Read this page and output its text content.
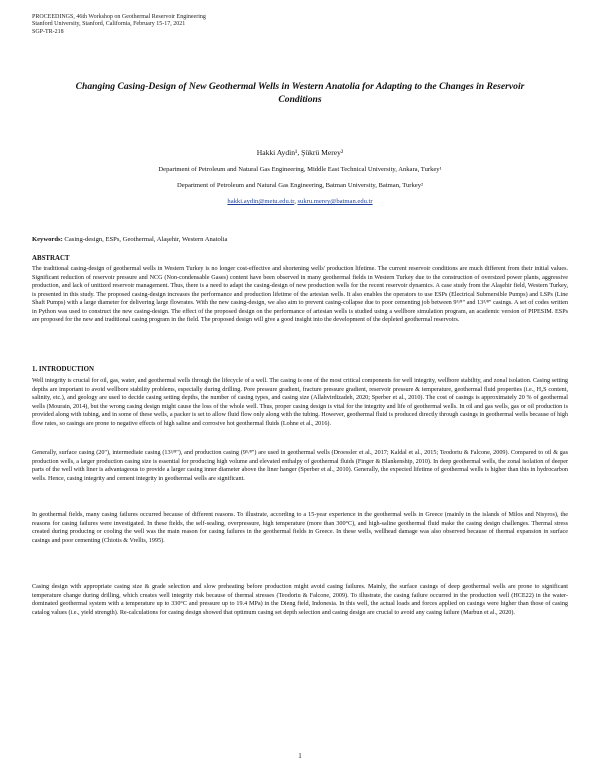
PROCEEDINGS, 46th Workshop on Geothermal Reservoir Engineering
Stanford University, Stanford, California, February 15-17, 2021
SGP-TR-218
Changing Casing-Design of New Geothermal Wells in Western Anatolia for Adapting to the Changes in Reservoir Conditions
Hakki Aydin¹, Şükrü Merey²
Department of Petroleum and Natural Gas Engineering, Middle East Technical University, Ankara, Turkey¹
Department of Petroleum and Natural Gas Engineering, Batman University, Batman, Turkey²
hakki.aydin@metu.edu.tr, sukru.merey@batman.edu.tr
Keywords: Casing-design, ESPs, Geothermal, Alaşehir, Western Anatolia
ABSTRACT
The traditional casing-design of geothermal wells in Western Turkey is no longer cost-effective and shortening wells' production lifetime. The current reservoir conditions are much different from their initial values. Significant reduction of reservoir pressure and NCG (Non-condensable Gases) content have been observed in many geothermal fields in Western Turkey due to the construction of oversized power plants, aggressive production, and lack of unitized reservoir management. Thus, there is a need to adapt the casing-design of new production wells for the recent reservoir dynamics. A case study from the Alaşehir field, Western Turkey, is presented in this study. The proposed casing-design increases the performance and production lifetime of the artesian wells. It also enables the operators to use ESPs (Electrical Submersible Pumps) and LSPs (Line Shaft Pumps) with a large diameter for delivering large flowrates. With the new casing-design, we also aim to prevent casing-collapse due to poor cementing job between 9⁵/⁸" and 13³/⁸" casings. A set of codes written in Python was used to construct the new casing-design. The effect of the proposed design on the performance of artesian wells is studied using a wellbore simulation program, an academic version of PIPESIM. ESPs are proposed for the new and traditional casing program in the field. The proposed design will give a good insight into the development of the depleted geothermal reservoirs.
1. INTRODUCTION
Well integrity is crucial for oil, gas, water, and geothermal wells through the lifecycle of a well. The casing is one of the most critical components for well integrity, wellbore stability, and zonal isolation. Casing setting depths are important to avoid wellbore stability problems, especially during drilling. Pore pressure gradient, fracture pressure gradient, reservoir pressure & temperature, geothermal fluid properties (i.e., H₂S content, salinity, etc.), and geology are used to decide casing setting depths, the number of casing types, and casing size (Allahvirdizadeh, 2020; Sperber et al., 2010). The cost of casings is approximately 20 % of geothermal wells (Mourain, 2014), but the wrong casing design might cause the loss of the whole well. Thus, proper casing design is vital for the integrity and life of geothermal wells. In oil and gas wells, gas or oil production is provided along with tubing, and in some of these wells, a packer is set to allow fluid flow only along with the tubing. However, geothermal fluid is produced directly through casings in geothermal wells because of high flow rates, so casings are prone to negative effects of high saline and corrosive hot geothermal fluids (Lohne et al., 2016).
Generally, surface casing (20"), intermediate casing (13³/⁸"), and production casing (9⁵/⁸") are used in geothermal wells (Droessler et al., 2017; Kaldal et al., 2015; Teodoriu & Falcone, 2009). Compared to oil & gas production wells, a larger production casing size is essential for producing high volume and elevated enthalpy of geothermal fluids (Finger & Blankenship, 2010). In deep geothermal wells, the zonal isolation of deeper parts of the well with liner is advantageous to provide a larger casing inner diameter above the liner hanger (Sperber et al., 2010). Generally, the expected lifetime of geothermal wells is higher than this in hydrocarbon wells. Hence, casing integrity and cement integrity in geothermal wells are significant.
In geothermal fields, many casing failures occurred because of different reasons. To illustrate, according to a 15-year experience in the geothermal wells in Greece (mainly in the islands of Milos and Nisyros), the reasons for casing failures were investigated. In these fields, the self-sealing, overpressure, high temperature (more than 300°C), and high-saline geothermal fluid make the casing design challenges. Thermal stress created during producing or cooling the well was the main reason for casing failures in the geothermal fields in Greece. In these wells, wellhead damage was also observed because of thermal expansion in surface casings and poor cementing (Chiotis & Vrellis, 1995).
Casing design with appropriate casing size & grade selection and slow preheating before production might avoid casing failures. Mainly, the surface casings of deep geothermal wells are prone to significant temperature change during drilling, which creates well integrity risk because of thermal stresses (Teodoriu & Falcone, 2009). To illustrate, the casing failure occurred in the production well (HCE22) in the water-dominated geothermal system with a temperature up to 330°C and pressure up to 19.4 MPa) in the Dieng field, Indonesia. In this well, the actual loads and forces applied on casings were higher than those of casing catalog values (i.e., yield strength). Re-calculations for casing design showed that optimum casing set depth selection and casing design are crucial to avoid any casing failure (Marbun et al., 2020).
1
